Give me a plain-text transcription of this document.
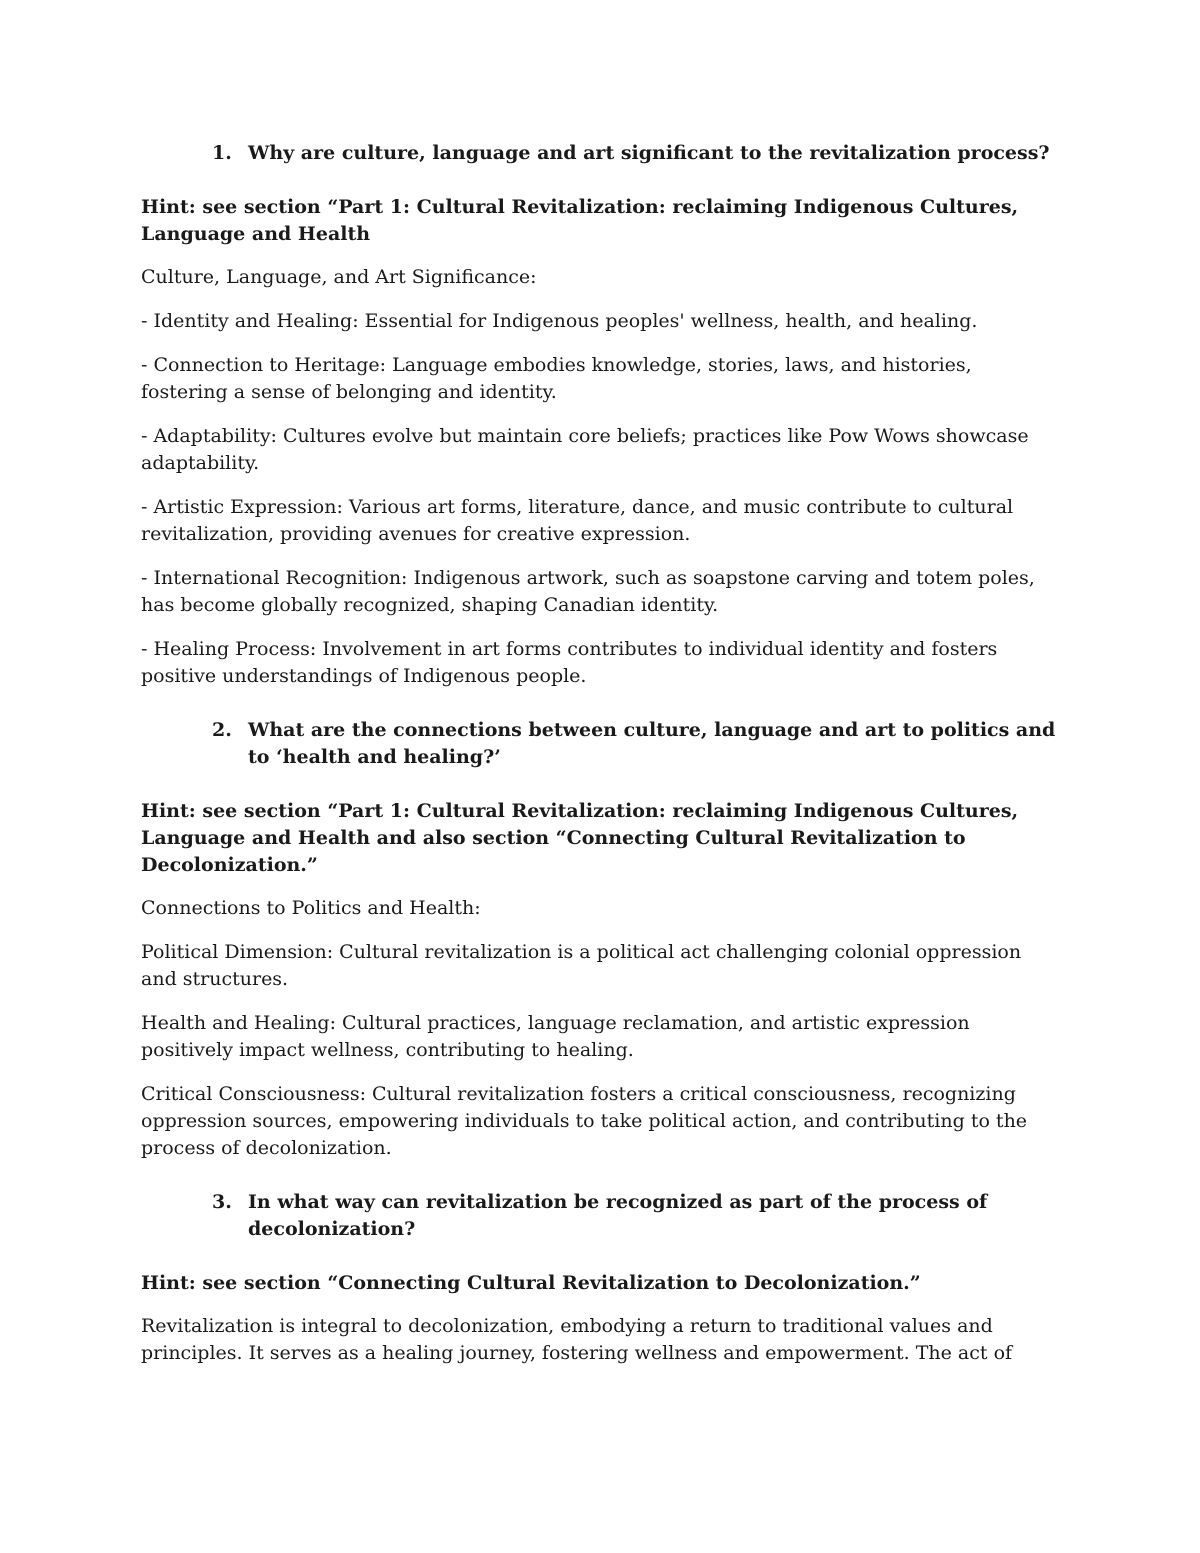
1. Why are culture, language and art significant to the revitalization process?
Hint: see section “Part 1: Cultural Revitalization: reclaiming Indigenous Cultures, Language and Health
Culture, Language, and Art Significance:
- Identity and Healing: Essential for Indigenous peoples' wellness, health, and healing.
- Connection to Heritage: Language embodies knowledge, stories, laws, and histories, fostering a sense of belonging and identity.
- Adaptability: Cultures evolve but maintain core beliefs; practices like Pow Wows showcase adaptability.
- Artistic Expression: Various art forms, literature, dance, and music contribute to cultural revitalization, providing avenues for creative expression.
- International Recognition: Indigenous artwork, such as soapstone carving and totem poles, has become globally recognized, shaping Canadian identity.
- Healing Process: Involvement in art forms contributes to individual identity and fosters positive understandings of Indigenous people.
2. What are the connections between culture, language and art to politics and to ‘health and healing?’
Hint: see section “Part 1: Cultural Revitalization: reclaiming Indigenous Cultures, Language and Health and also section “Connecting Cultural Revitalization to Decolonization.”
Connections to Politics and Health:
Political Dimension: Cultural revitalization is a political act challenging colonial oppression and structures.
Health and Healing: Cultural practices, language reclamation, and artistic expression positively impact wellness, contributing to healing.
Critical Consciousness: Cultural revitalization fosters a critical consciousness, recognizing oppression sources, empowering individuals to take political action, and contributing to the process of decolonization.
3. In what way can revitalization be recognized as part of the process of decolonization?
Hint: see section “Connecting Cultural Revitalization to Decolonization.”
Revitalization is integral to decolonization, embodying a return to traditional values and principles. It serves as a healing journey, fostering wellness and empowerment. The act of
